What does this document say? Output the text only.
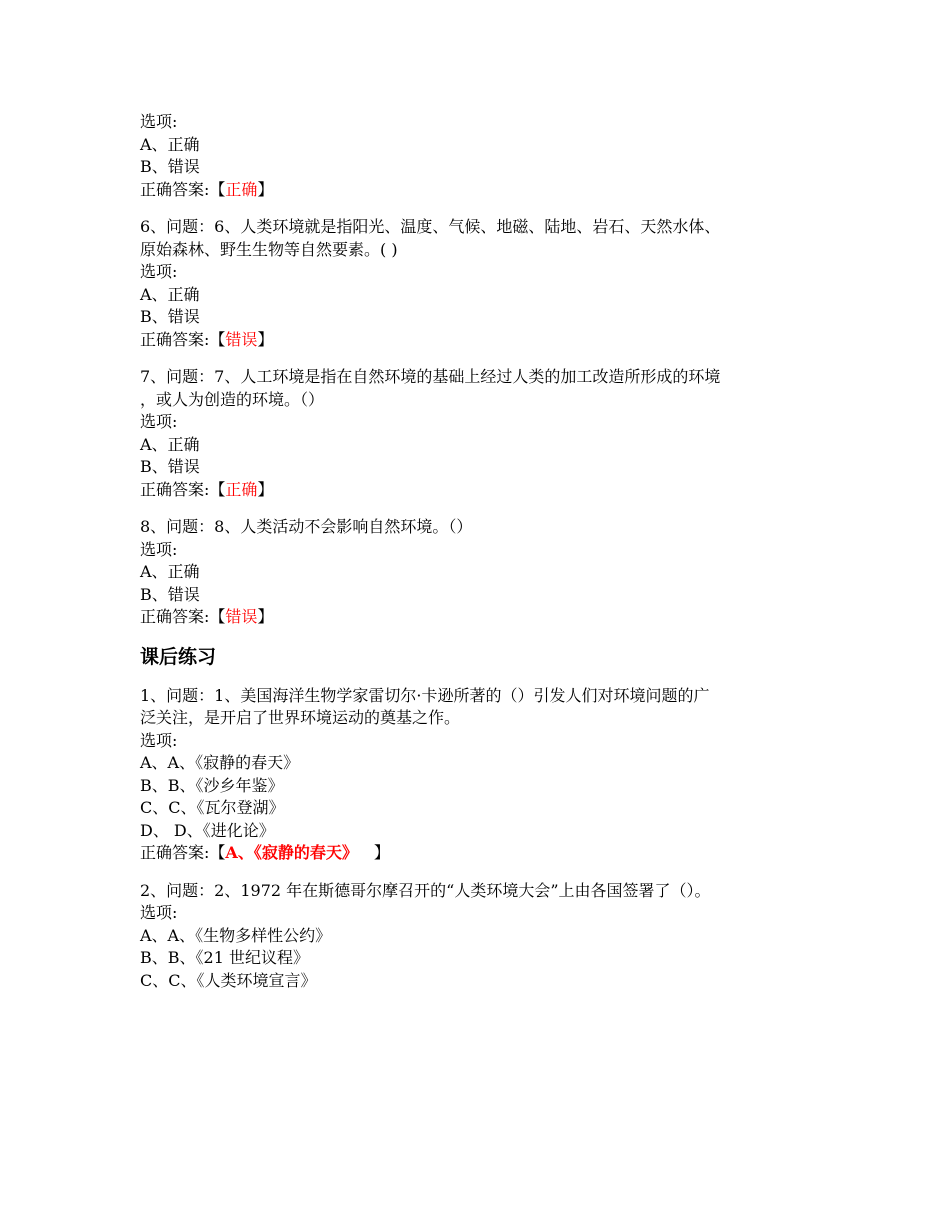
选项:
A、正确
B、错误
正确答案:【正确】
6、问题：6、人类环境就是指阳光、温度、气候、地磁、陆地、岩石、天然水体、
原始森林、野生生物等自然要素。( )
选项:
A、正确
B、错误
正确答案:【错误】
7、问题：7、人工环境是指在自然环境的基础上经过人类的加工改造所形成的环境
，或人为创造的环境。（）
选项:
A、正确
B、错误
正确答案:【正确】
8、问题：8、人类活动不会影响自然环境。（）
选项:
A、正确
B、错误
正确答案:【错误】
课后练习
1、问题：1、美国海洋生物学家雷切尔·卡逊所著的（）引发人们对环境问题的广
泛关注，是开启了世界环境运动的奠基之作。
选项:
A、A、《寂静的春天》
B、B、《沙乡年鉴》
C、C、《瓦尔登湖》
D、 D、《进化论》
正确答案:【A、《寂静的春天》 】
2、问题：2、1972 年在斯德哥尔摩召开的“人类环境大会”上由各国签署了（）。
选项:
A、A、《生物多样性公约》
B、B、《21 世纪议程》
C、C、《人类环境宣言》
